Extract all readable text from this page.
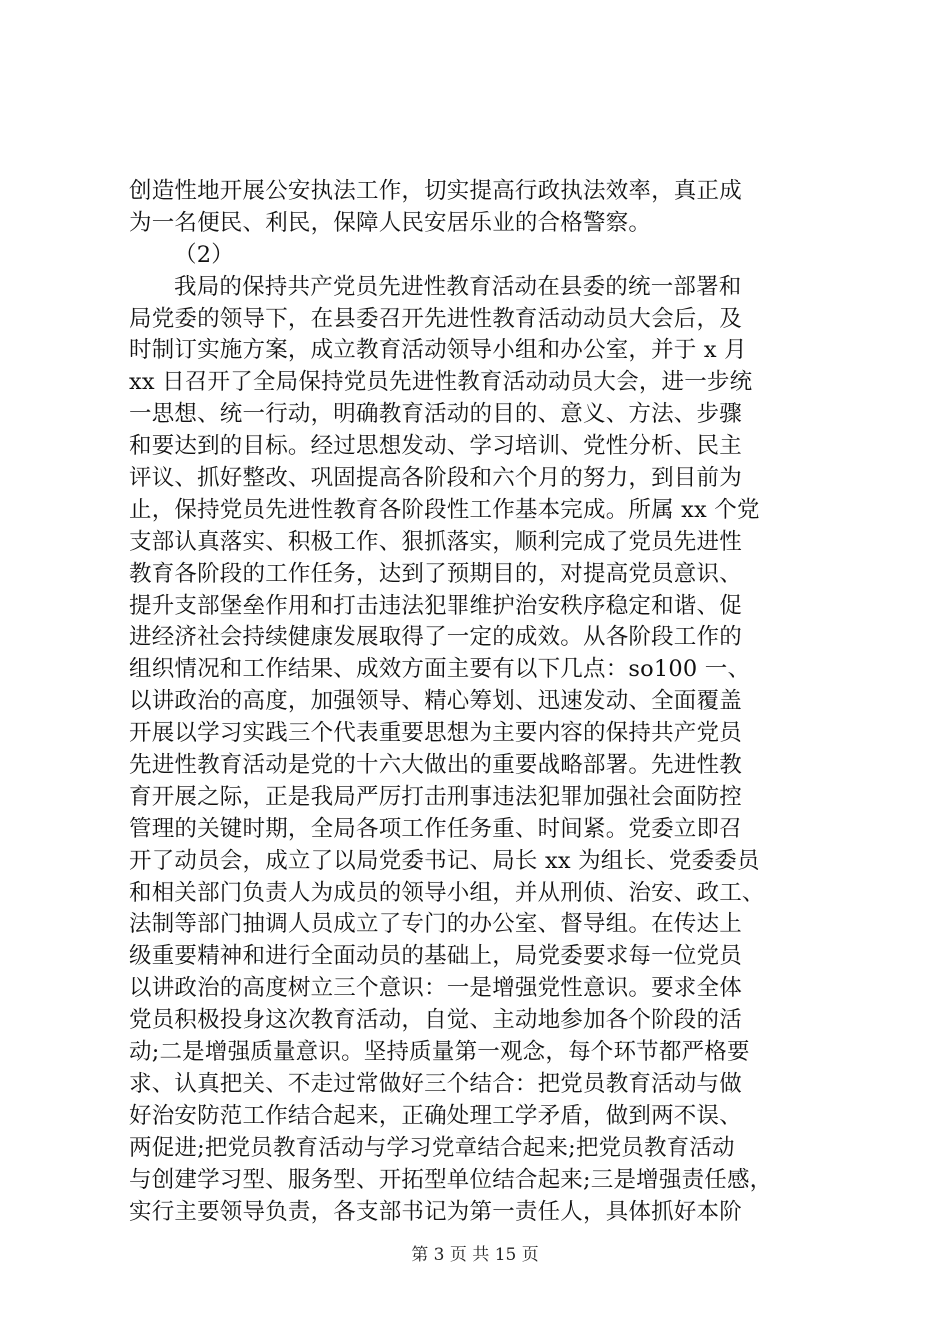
创造性地开展公安执法工作，切实提高行政执法效率，真正成
为一名便民、利民，保障人民安居乐业的合格警察。
（2）
我局的保持共产党员先进性教育活动在县委的统一部署和
局党委的领导下，在县委召开先进性教育活动动员大会后，及
时制订实施方案，成立教育活动领导小组和办公室，并于 x 月
xx 日召开了全局保持党员先进性教育活动动员大会，进一步统
一思想、统一行动，明确教育活动的目的、意义、方法、步骤
和要达到的目标。经过思想发动、学习培训、党性分析、民主
评议、抓好整改、巩固提高各阶段和六个月的努力，到目前为
止，保持党员先进性教育各阶段性工作基本完成。所属 xx 个党
支部认真落实、积极工作、狠抓落实，顺利完成了党员先进性
教育各阶段的工作任务，达到了预期目的，对提高党员意识、
提升支部堡垒作用和打击违法犯罪维护治安秩序稳定和谐、促
进经济社会持续健康发展取得了一定的成效。从各阶段工作的
组织情况和工作结果、成效方面主要有以下几点：so100 一、
以讲政治的高度，加强领导、精心筹划、迅速发动、全面覆盖
开展以学习实践三个代表重要思想为主要内容的保持共产党员
先进性教育活动是党的十六大做出的重要战略部署。先进性教
育开展之际，正是我局严厉打击刑事违法犯罪加强社会面防控
管理的关键时期，全局各项工作任务重、时间紧。党委立即召
开了动员会，成立了以局党委书记、局长 xx 为组长、党委委员
和相关部门负责人为成员的领导小组，并从刑侦、治安、政工、
法制等部门抽调人员成立了专门的办公室、督导组。在传达上
级重要精神和进行全面动员的基础上，局党委要求每一位党员
以讲政治的高度树立三个意识：一是增强党性意识。要求全体
党员积极投身这次教育活动，自觉、主动地参加各个阶段的活
动;二是增强质量意识。坚持质量第一观念，每个环节都严格要
求、认真把关、不走过常做好三个结合：把党员教育活动与做
好治安防范工作结合起来，正确处理工学矛盾，做到两不误、
两促进;把党员教育活动与学习党章结合起来;把党员教育活动
与创建学习型、服务型、开拓型单位结合起来;三是增强责任感，
实行主要领导负责，各支部书记为第一责任人，具体抓好本阶
第 3 页 共 15 页
